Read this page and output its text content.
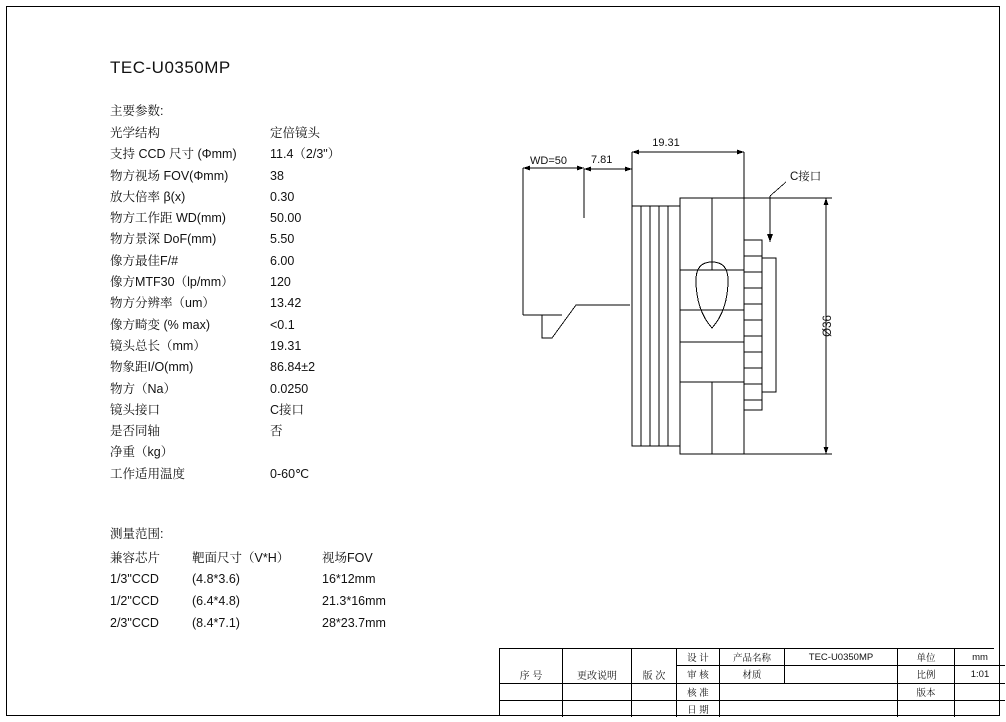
TEC-U0350MP
主要参数:
光学结构	定倍镜头
支持 CCD 尺寸 (Φmm)	11.4（2/3"）
物方视场 FOV(Φmm)	38
放大倍率 β(x)	0.30
物方工作距 WD(mm)	50.00
物方景深 DoF(mm)	5.50
像方最佳F/#	6.00
像方MTF30（lp/mm）	120
物方分辨率（um）	13.42
像方畸变 (% max)	<0.1
镜头总长（mm）	19.31
物象距I/O(mm)	86.84±2
物方（Na）	0.0250
镜头接口	C接口
是否同轴	否
净重（kg）
工作适用温度	0-60℃
测量范围:
兼容芯片	靶面尺寸（V*H）	视场FOV
1/3"CCD	(4.8*3.6)	16*12mm
1/2"CCD	(6.4*4.8)	21.3*16mm
2/3"CCD	(8.4*7.1)	28*23.7mm
19.31
WD=50 7.81
C接口
Ø36
			设 计	产品名称	TEC-U0350MP	单位	mm
序 号	更改说明	版 次	审 核	材质		比例	1:01
			核 准			版本	
			日 期				
